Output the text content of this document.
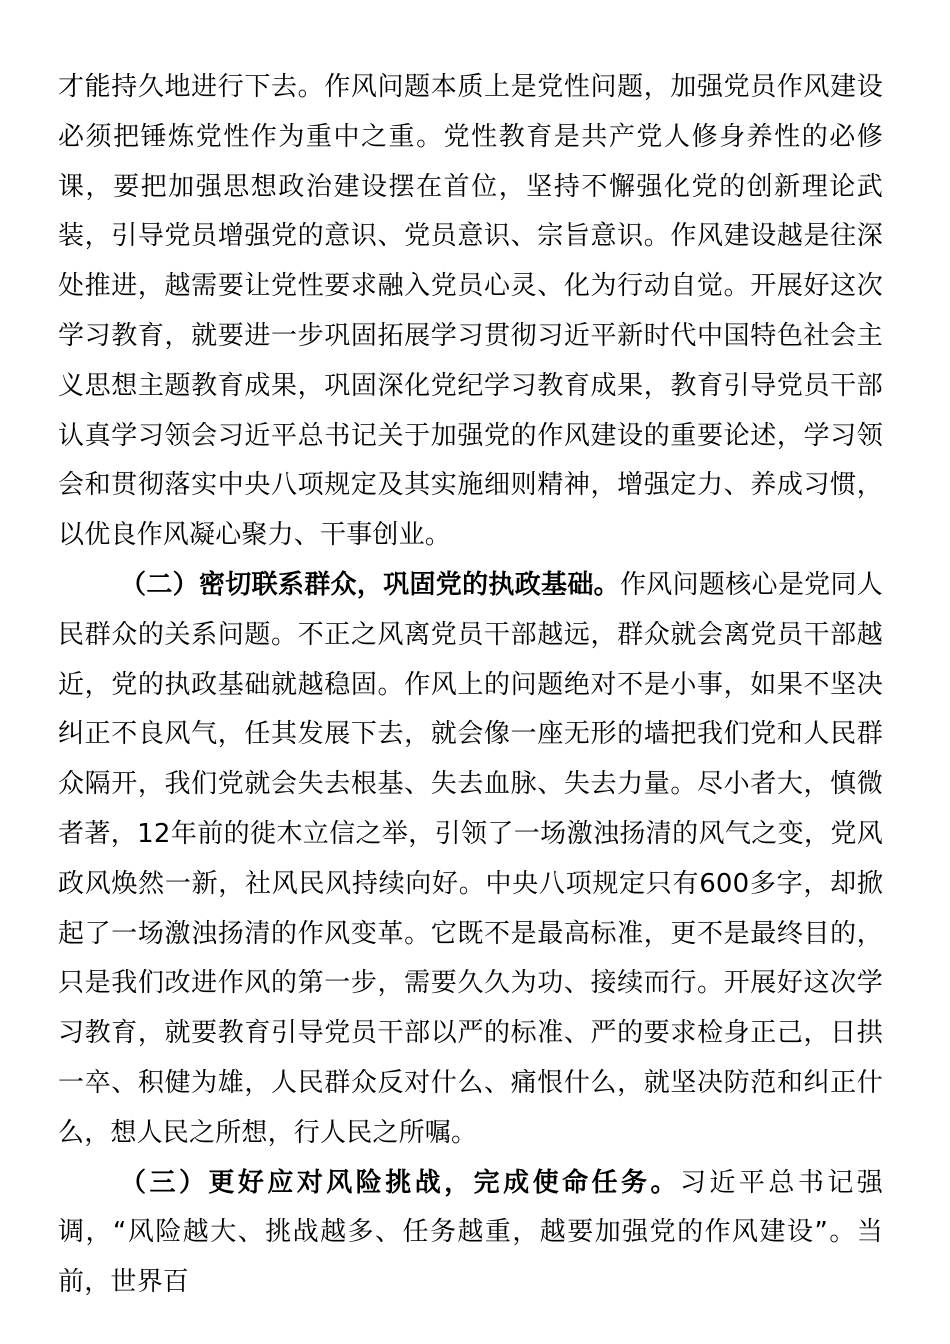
才能持久地进行下去。作风问题本质上是党性问题，加强党员作风建设必须把锤炼党性作为重中之重。党性教育是共产党人修身养性的必修课，要把加强思想政治建设摆在首位，坚持不懈强化党的创新理论武装，引导党员增强党的意识、党员意识、宗旨意识。作风建设越是往深处推进，越需要让党性要求融入党员心灵、化为行动自觉。开展好这次学习教育，就要进一步巩固拓展学习贯彻习近平新时代中国特色社会主义思想主题教育成果，巩固深化党纪学习教育成果，教育引导党员干部认真学习领会习近平总书记关于加强党的作风建设的重要论述，学习领会和贯彻落实中央八项规定及其实施细则精神，增强定力、养成习惯，以优良作风凝心聚力、干事创业。

（二）密切联系群众，巩固党的执政基础。作风问题核心是党同人民群众的关系问题。不正之风离党员干部越远，群众就会离党员干部越近，党的执政基础就越稳固。作风上的问题绝对不是小事，如果不坚决纠正不良风气，任其发展下去，就会像一座无形的墙把我们党和人民群众隔开，我们党就会失去根基、失去血脉、失去力量。尽小者大，慎微者著，12年前的徙木立信之举，引领了一场激浊扬清的风气之变，党风政风焕然一新，社风民风持续向好。中央八项规定只有600多字，却掀起了一场激浊扬清的作风变革。它既不是最高标准，更不是最终目的，只是我们改进作风的第一步，需要久久为功、接续而行。开展好这次学习教育，就要教育引导党员干部以严的标准、严的要求检身正己，日拱一卒、积健为雄，人民群众反对什么、痛恨什么，就坚决防范和纠正什么，想人民之所想，行人民之所嘱。

（三）更好应对风险挑战，完成使命任务。习近平总书记强调，“风险越大、挑战越多、任务越重，越要加强党的作风建设”。当前，世界百
